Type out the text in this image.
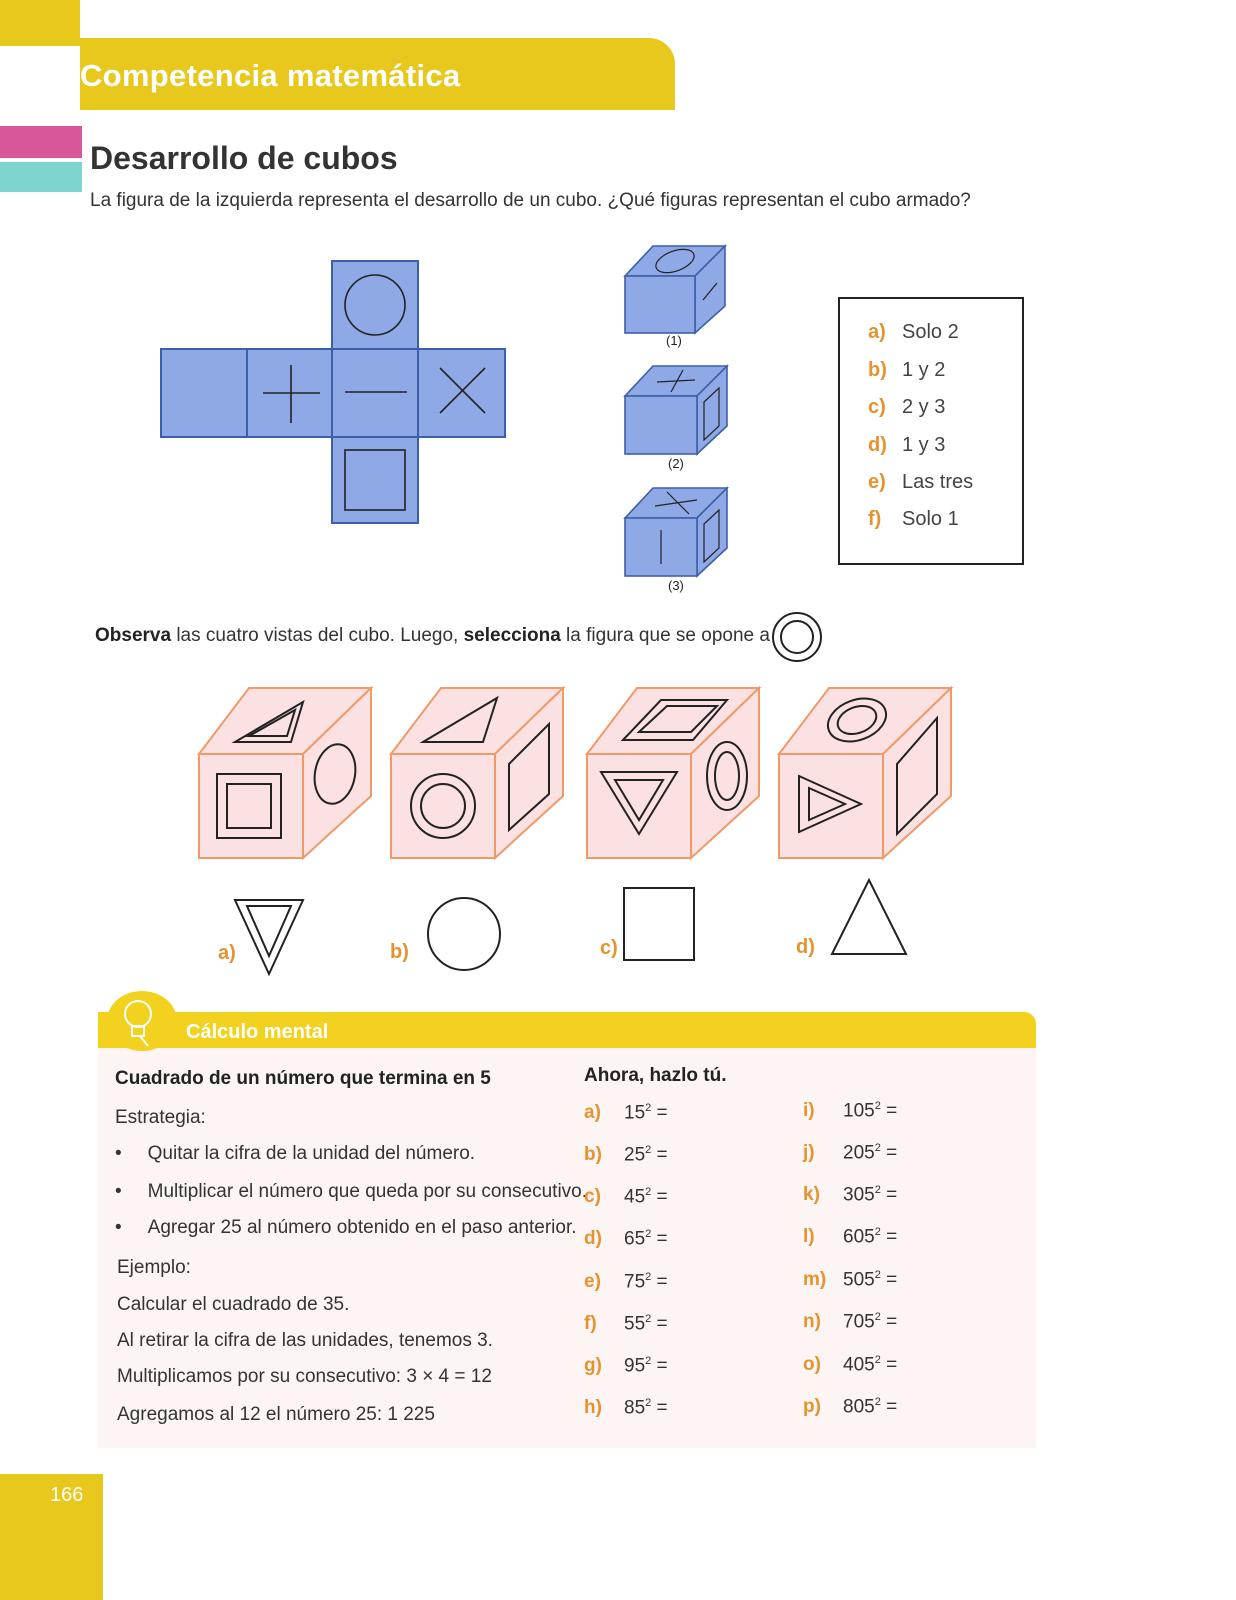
Competencia matemática
Desarrollo de cubos
La figura de la izquierda representa el desarrollo de un cubo. ¿Qué figuras representan el cubo armado?
(1)
(2)
(3)
a) Solo 2
b) 1 y 2
c) 2 y 3
d) 1 y 3
e) Las tres
f) Solo 1
Observa las cuatro vistas del cubo. Luego, selecciona la figura que se opone a
a)	b)	c)	d)
Cálculo mental
Cuadrado de un número que termina en 5
Estrategia:
• Quitar la cifra de la unidad del número.
• Multiplicar el número que queda por su consecutivo.
• Agregar 25 al número obtenido en el paso anterior.
Ejemplo:
Calcular el cuadrado de 35.
Al retirar la cifra de las unidades, tenemos 3.
Multiplicamos por su consecutivo: 3 × 4 = 12
Agregamos al 12 el número 25: 1 225
Ahora, hazlo tú.
a) $15^2$ =
b) $25^2$ =
c) $45^2$ =
d) $65^2$ =
e) $75^2$ =
f) $55^2$ =
g) $95^2$ =
h) $85^2$ =
i) $105^2$ =
j) $205^2$ =
k) $305^2$ =
l) $605^2$ =
m) $505^2$ =
n) $705^2$ =
o) $405^2$ =
p) $805^2$ =
166
